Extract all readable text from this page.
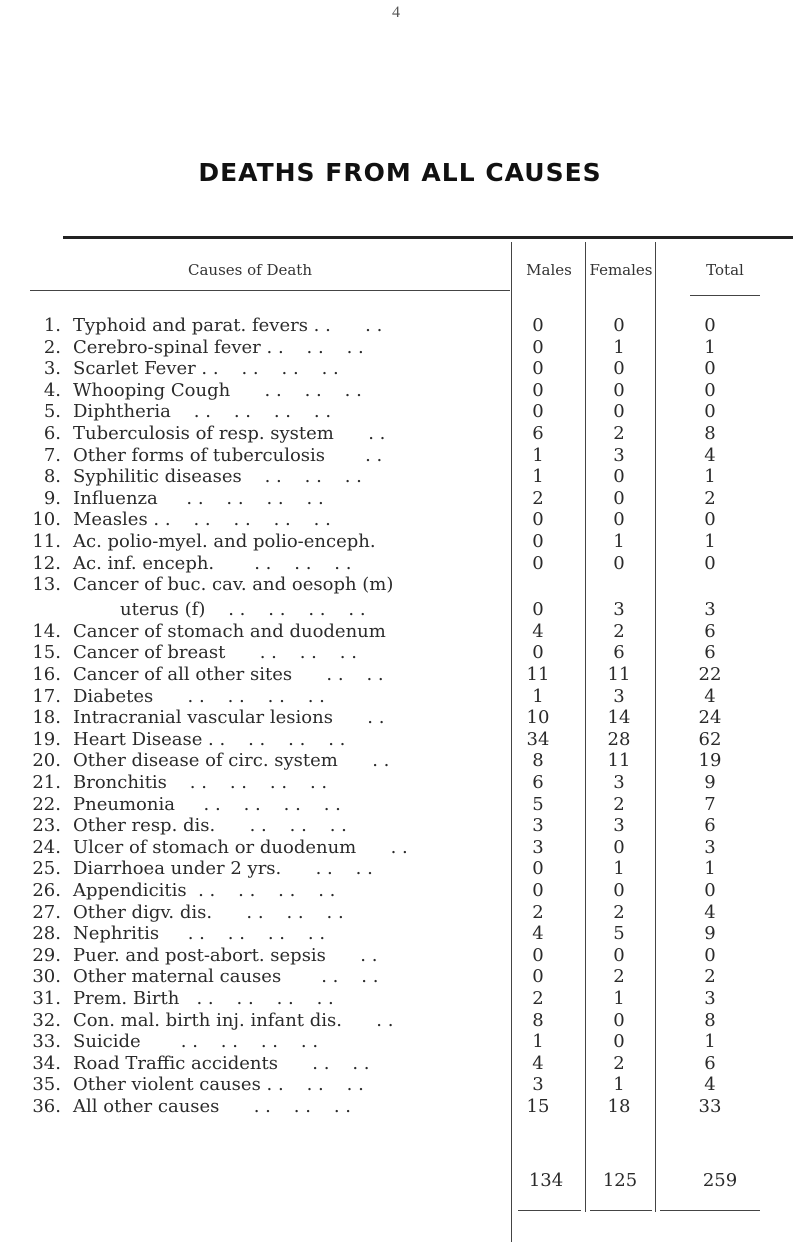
4
DEATHS FROM ALL CAUSES
Causes of Death	Males	Females	Total
1. Typhoid and parat. fevers . .      . .	0	0	0
2. Cerebro-spinal fever . .    . .    . .	0	1	1
3. Scarlet Fever . .    . .    . .    . .	0	0	0
4. Whooping Cough      . .    . .    . .	0	0	0
5. Diphtheria    . .    . .    . .    . .	0	0	0
6. Tuberculosis of resp. system      . .	6	2	8
7. Other forms of tuberculosis       . .	1	3	4
8. Syphilitic diseases    . .    . .    . .	1	0	1
9. Influenza     . .    . .    . .    . .	2	0	2
10. Measles . .    . .    . .    . .    . .	0	0	0
11. Ac. polio-myel. and polio-enceph.	0	1	1
12. Ac. inf. enceph.       . .    . .    . .	0	0	0
13. Cancer of buc. cav. and oesoph (m)
uterus (f)    . .    . .    . .    . .	0	3	3
14. Cancer of stomach and duodenum	4	2	6
15. Cancer of breast      . .    . .    . .	0	6	6
16. Cancer of all other sites      . .    . .	11	11	22
17. Diabetes      . .    . .    . .    . .	1	3	4
18. Intracranial vascular lesions      . .	10	14	24
19. Heart Disease . .    . .    . .    . .	34	28	62
20. Other disease of circ. system      . .	8	11	19
21. Bronchitis    . .    . .    . .    . .	6	3	9
22. Pneumonia     . .    . .    . .    . .	5	2	7
23. Other resp. dis.      . .    . .    . .	3	3	6
24. Ulcer of stomach or duodenum      . .	3	0	3
25. Diarrhoea under 2 yrs.      . .    . .	0	1	1
26. Appendicitis  . .    . .    . .    . .	0	0	0
27. Other digv. dis.      . .    . .    . .	2	2	4
28. Nephritis     . .    . .    . .    . .	4	5	9
29. Puer. and post-abort. sepsis      . .	0	0	0
30. Other maternal causes       . .    . .	0	2	2
31. Prem. Birth   . .    . .    . .    . .	2	1	3
32. Con. mal. birth inj. infant dis.      . .	8	0	8
33. Suicide       . .    . .    . .    . .	1	0	1
34. Road Traffic accidents      . .    . .	4	2	6
35. Other violent causes . .    . .    . .	3	1	4
36. All other causes      . .    . .    . .	15	18	33
134	125	259
